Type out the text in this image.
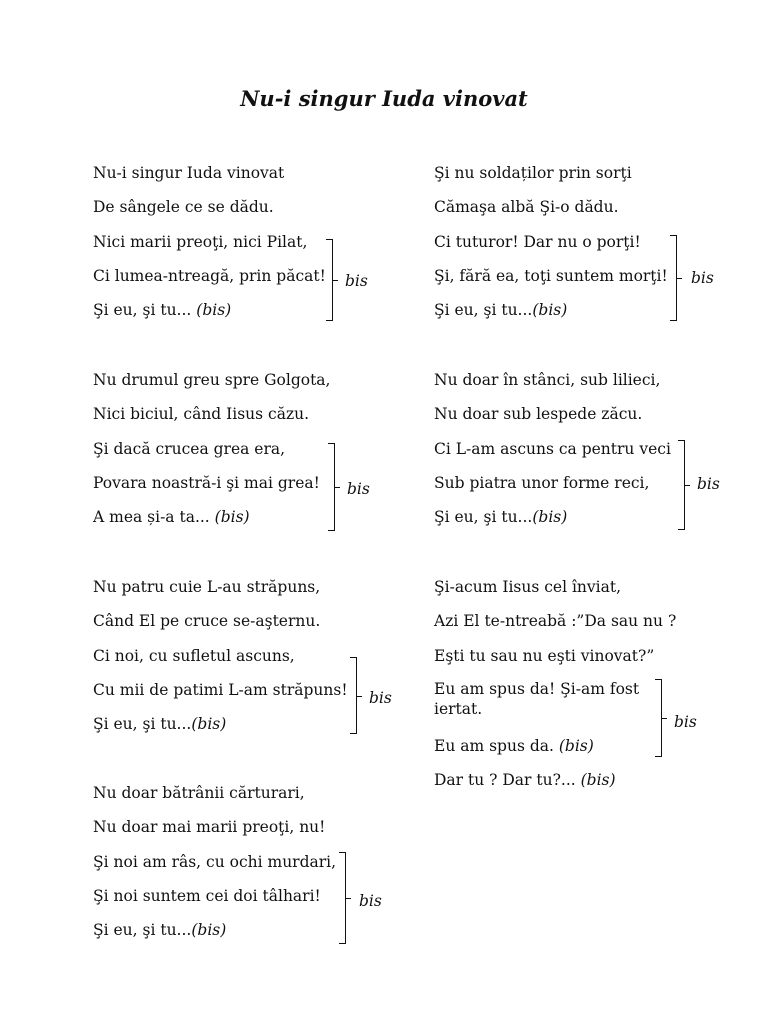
Nu-i singur Iuda vinovat
Nu-i singur Iuda vinovat
De sângele ce se dădu.
Nici marii preoţi, nici Pilat,
Ci lumea-ntreagă, prin păcat!
Şi eu, şi tu... (bis)
bis
Nu drumul greu spre Golgota,
Nici biciul, când Iisus căzu.
Şi dacă crucea grea era,
Povara noastră-i şi mai grea!
A mea și-a ta... (bis)
bis
Nu patru cuie L-au străpuns,
Când El pe cruce se-aşternu.
Ci noi, cu sufletul ascuns,
Cu mii de patimi L-am străpuns!
Şi eu, şi tu...(bis)
bis
Nu doar bătrânii cărturari,
Nu doar mai marii preoţi, nu!
Şi noi am râs, cu ochi murdari,
Şi noi suntem cei doi tâlhari!
Şi eu, şi tu...(bis)
bis
Şi nu soldaților prin sorţi
Cămaşa albă Şi-o dădu.
Ci tuturor! Dar nu o porţi!
Şi, fără ea, toţi suntem morţi!
Şi eu, şi tu...(bis)
bis
Nu doar în stânci, sub lilieci,
Nu doar sub lespede zăcu.
Ci L-am ascuns ca pentru veci
Sub piatra unor forme reci,
Şi eu, şi tu...(bis)
bis
Şi-acum Iisus cel înviat,
Azi El te-ntreabă :”Da sau nu ?
Eşti tu sau nu eşti vinovat?”
Eu am spus da! Şi-am fost iertat.
Eu am spus da. (bis)
Dar tu ? Dar tu?... (bis)
bis
